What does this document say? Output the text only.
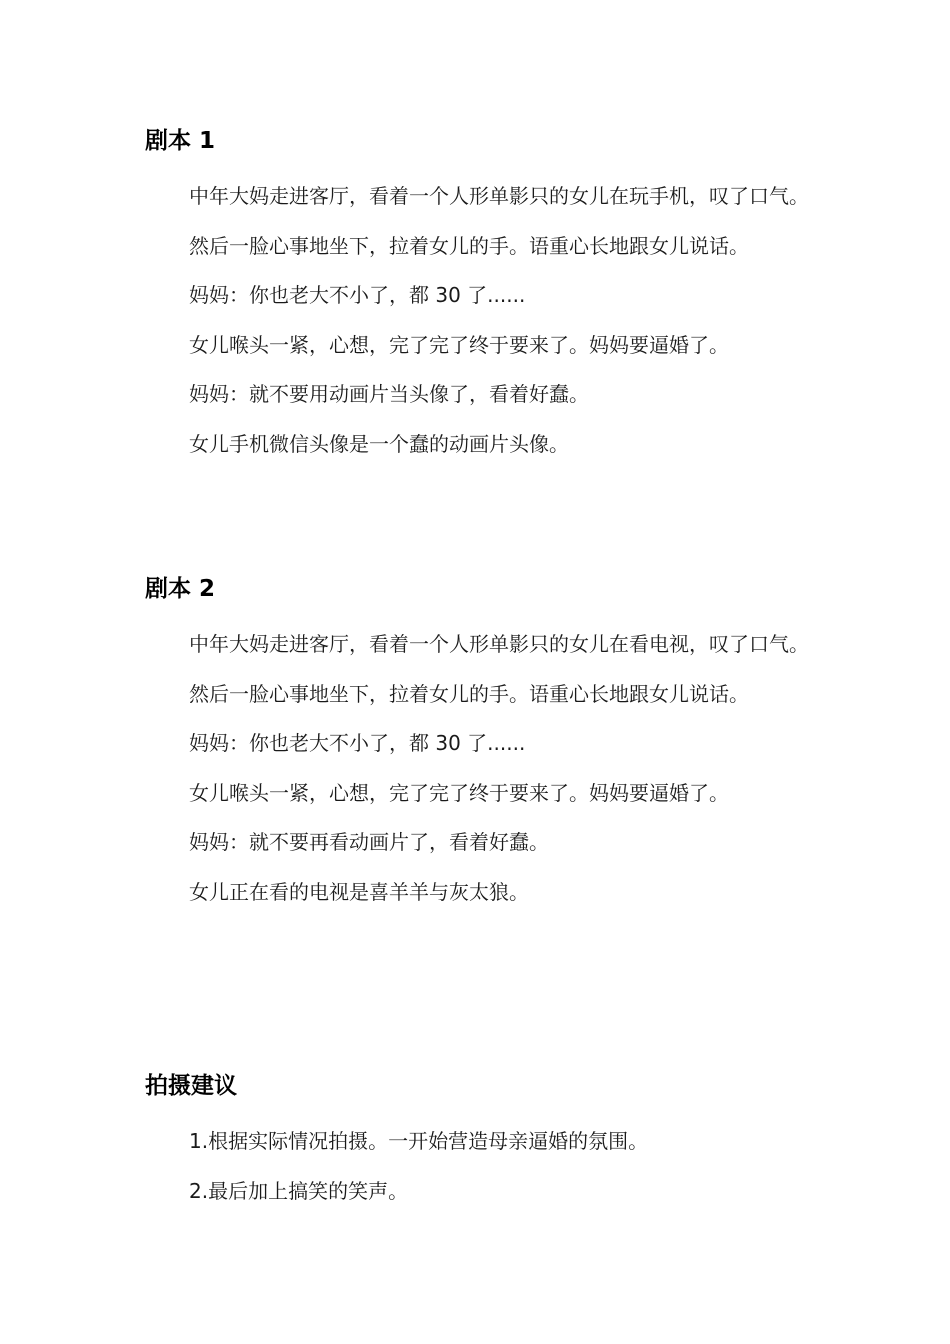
剧本 1

中年大妈走进客厅，看着一个人形单影只的女儿在玩手机，叹了口气。

然后一脸心事地坐下，拉着女儿的手。语重心长地跟女儿说话。

妈妈：你也老大不小了，都 30 了......

女儿喉头一紧，心想，完了完了终于要来了。妈妈要逼婚了。

妈妈：就不要用动画片当头像了，看着好蠢。

女儿手机微信头像是一个蠢的动画片头像。

剧本 2

中年大妈走进客厅，看着一个人形单影只的女儿在看电视，叹了口气。

然后一脸心事地坐下，拉着女儿的手。语重心长地跟女儿说话。

妈妈：你也老大不小了，都 30 了......

女儿喉头一紧，心想，完了完了终于要来了。妈妈要逼婚了。

妈妈：就不要再看动画片了，看着好蠢。

女儿正在看的电视是喜羊羊与灰太狼。

拍摄建议

1.根据实际情况拍摄。一开始营造母亲逼婚的氛围。

2.最后加上搞笑的笑声。
